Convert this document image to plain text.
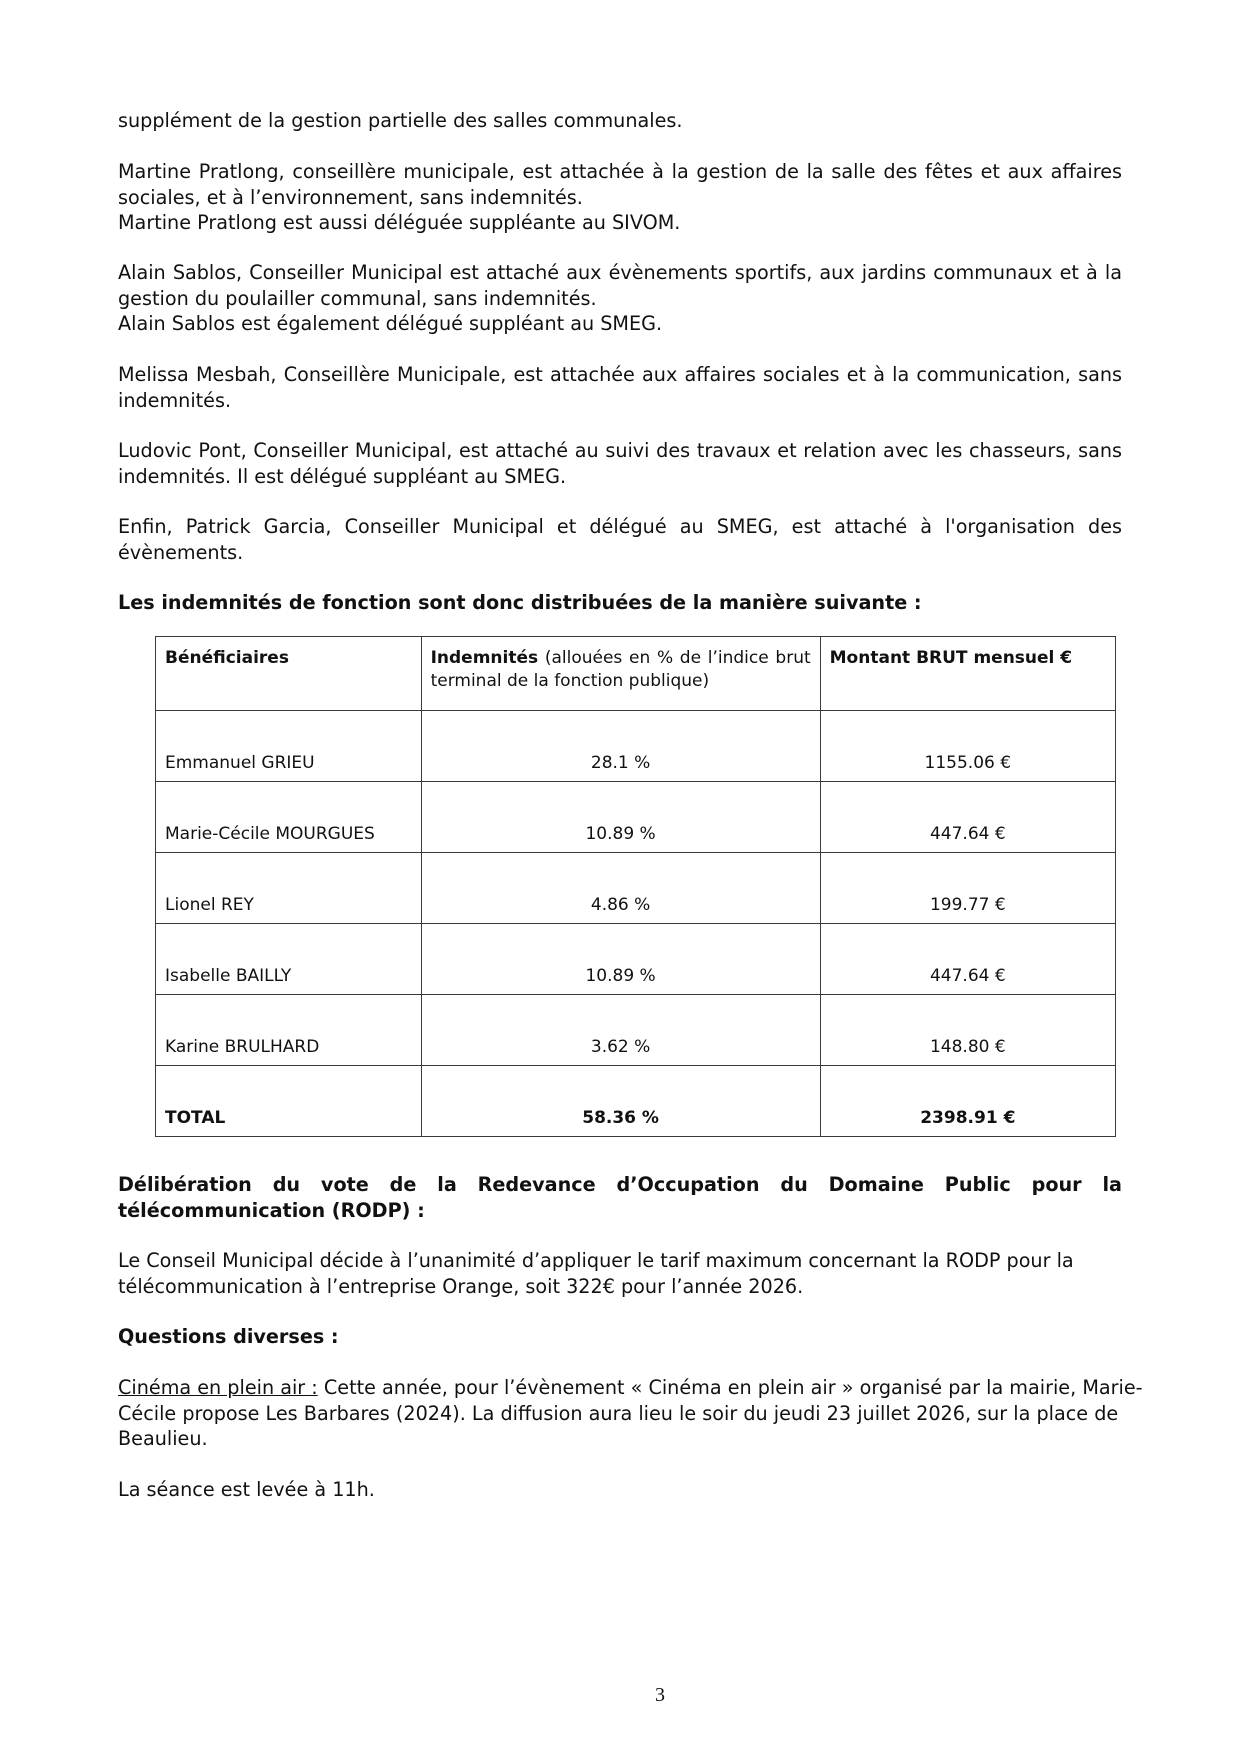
supplément de la gestion partielle des salles communales.

Martine Pratlong, conseillère municipale, est attachée à la gestion de la salle des fêtes et aux affaires sociales, et à l’environnement, sans indemnités.
Martine Pratlong est aussi déléguée suppléante au SIVOM.

Alain Sablos, Conseiller Municipal est attaché aux évènements sportifs, aux jardins communaux et à la gestion du poulailler communal, sans indemnités.
Alain Sablos est également délégué suppléant au SMEG.

Melissa Mesbah, Conseillère Municipale, est attachée aux affaires sociales et à la communication, sans indemnités.

Ludovic Pont, Conseiller Municipal, est attaché au suivi des travaux et relation avec les chasseurs, sans indemnités. Il est délégué suppléant au SMEG.

Enfin, Patrick Garcia, Conseiller Municipal et délégué au SMEG, est attaché à l'organisation des évènements.

Les indemnités de fonction sont donc distribuées de la manière suivante :

Bénéficiaires	Indemnités (allouées en % de l’indice brut terminal de la fonction publique)	Montant BRUT mensuel €
Emmanuel GRIEU	28.1 %	1155.06 €
Marie-Cécile MOURGUES	10.89 %	447.64 €
Lionel REY	4.86 %	199.77 €
Isabelle BAILLY	10.89 %	447.64 €
Karine BRULHARD	3.62 %	148.80 €
TOTAL	58.36 %	2398.91 €

Délibération du vote de la Redevance d’Occupation du Domaine Public pour la télécommunication (RODP) :

Le Conseil Municipal décide à l’unanimité d’appliquer le tarif maximum concernant la RODP pour la télécommunication à l’entreprise Orange, soit 322€ pour l’année 2026.

Questions diverses :

Cinéma en plein air : Cette année, pour l’évènement « Cinéma en plein air » organisé par la mairie, Marie-Cécile propose Les Barbares (2024). La diffusion aura lieu le soir du jeudi 23 juillet 2026, sur la place de Beaulieu.

La séance est levée à 11h.

3
